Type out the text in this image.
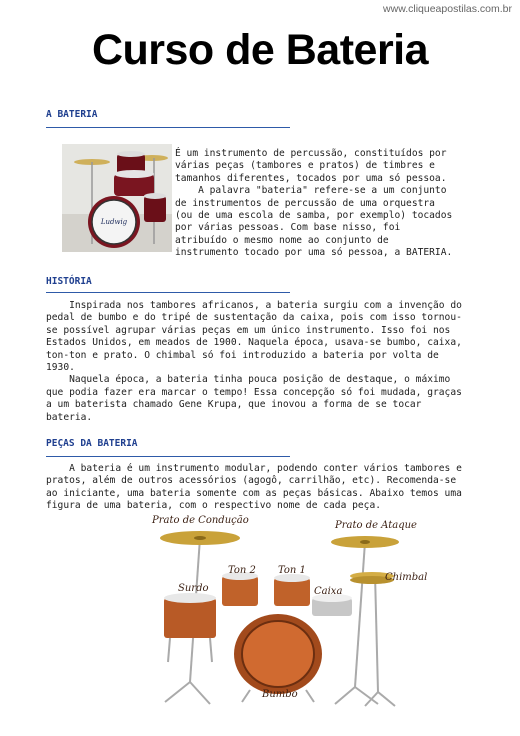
www.cliqueapostilas.com.br
Curso de Bateria
A BATERIA
Ludwig
É um instrumento de percussão, constituídos por
várias peças (tambores e pratos) de timbres e
tamanhos diferentes, tocados por uma só pessoa.
A palavra "bateria" refere-se a um conjunto
de instrumentos de percussão de uma orquestra
(ou de uma escola de samba, por exemplo) tocados
por várias pessoas. Com base nisso, foi
atribuído o mesmo nome ao conjunto de
instrumento tocado por uma só pessoa, a BATERIA.
HISTÓRIA
Inspirada nos tambores africanos, a bateria surgiu com a invenção do
pedal de bumbo e do tripé de sustentação da caixa, pois com isso tornou-
se possível agrupar várias peças em um único instrumento. Isso foi nos
Estados Unidos, em meados de 1900. Naquela época, usava-se bumbo, caixa,
ton-ton e prato. O chimbal só foi introduzido a bateria por volta de
1930.
Naquela época, a bateria tinha pouca posição de destaque, o máximo
que podia fazer era marcar o tempo! Essa concepção só foi mudada, graças
a um baterista chamado Gene Krupa, que inovou a forma de se tocar
bateria.
PEÇAS DA BATERIA
A bateria é um instrumento modular, podendo conter vários tambores e
pratos, além de outros acessórios (agogô, carrilhão, etc). Recomenda-se
ao iniciante, uma bateria somente com as peças básicas. Abaixo temos uma
figura de uma bateria, com o respectivo nome de cada peça.
Prato de Condução	Prato de Ataque
Ton 2 Ton 1
Surdo	Caixa
Chimbal
Bumbo
